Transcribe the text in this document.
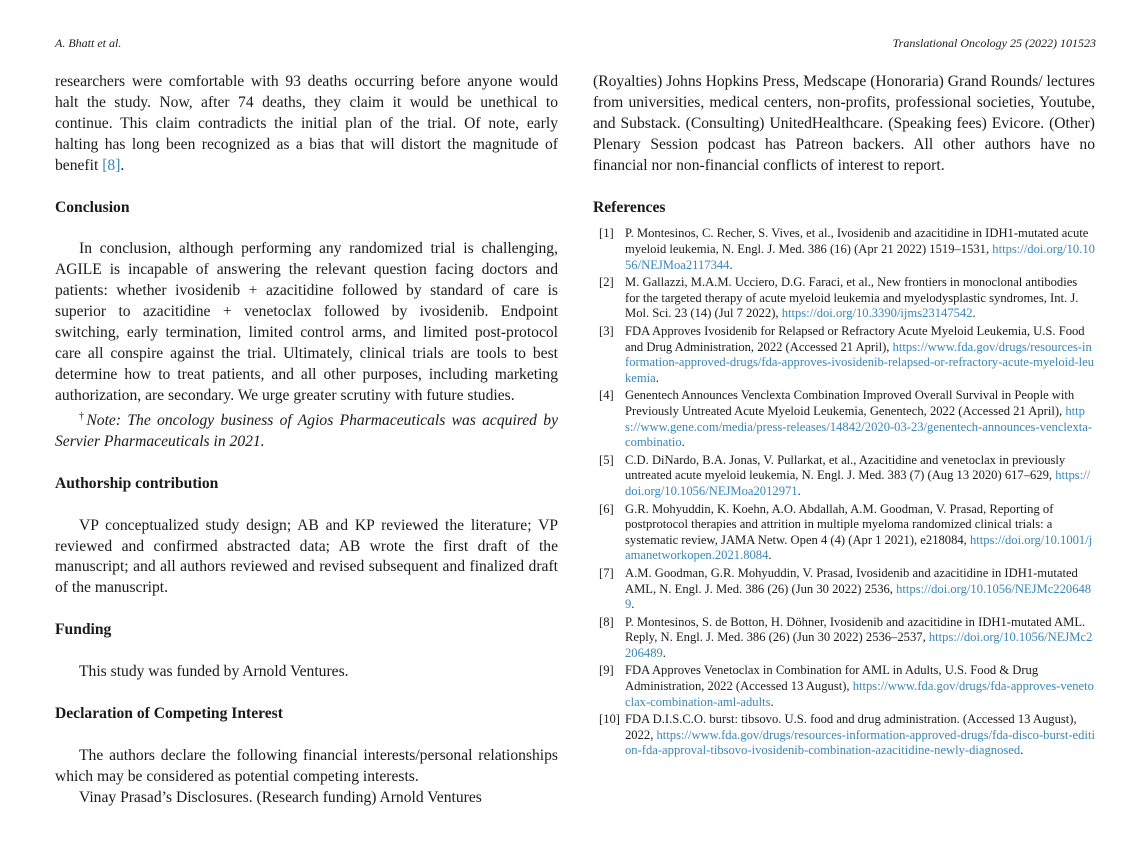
A. Bhatt et al.	Translational Oncology 25 (2022) 101523

researchers were comfortable with 93 deaths occurring before anyone would halt the study. Now, after 74 deaths, they claim it would be unethical to continue. This claim contradicts the initial plan of the trial. Of note, early halting has long been recognized as a bias that will distort the magnitude of benefit [8].

Conclusion

In conclusion, although performing any randomized trial is challenging, AGILE is incapable of answering the relevant question facing doctors and patients: whether ivosidenib + azacitidine followed by standard of care is superior to azacitidine + venetoclax followed by ivosidenib. Endpoint switching, early termination, limited control arms, and limited post-protocol care all conspire against the trial. Ultimately, clinical trials are tools to best determine how to treat patients, and all other purposes, including marketing authorization, are secondary. We urge greater scrutiny with future studies.

†Note: The oncology business of Agios Pharmaceuticals was acquired by Servier Pharmaceuticals in 2021.

Authorship contribution

VP conceptualized study design; AB and KP reviewed the literature; VP reviewed and confirmed abstracted data; AB wrote the first draft of the manuscript; and all authors reviewed and revised subsequent and finalized draft of the manuscript.

Funding

This study was funded by Arnold Ventures.

Declaration of Competing Interest

The authors declare the following financial interests/personal relationships which may be considered as potential competing interests.

Vinay Prasad’s Disclosures. (Research funding) Arnold Ventures

(Royalties) Johns Hopkins Press, Medscape (Honoraria) Grand Rounds/ lectures from universities, medical centers, non-profits, professional societies, Youtube, and Substack. (Consulting) UnitedHealthcare. (Speaking fees) Evicore. (Other) Plenary Session podcast has Patreon backers. All other authors have no financial nor non-financial conflicts of interest to report.

References
[1] P. Montesinos, C. Recher, S. Vives, et al., Ivosidenib and azacitidine in IDH1-mutated acute myeloid leukemia, N. Engl. J. Med. 386 (16) (Apr 21 2022) 1519–1531, https://doi.org/10.1056/NEJMoa2117344.
[2] M. Gallazzi, M.A.M. Ucciero, D.G. Faraci, et al., New frontiers in monoclonal antibodies for the targeted therapy of acute myeloid leukemia and myelodysplastic syndromes, Int. J. Mol. Sci. 23 (14) (Jul 7 2022), https://doi.org/10.3390/ijms23147542.
[3] FDA Approves Ivosidenib for Relapsed or Refractory Acute Myeloid Leukemia, U.S. Food and Drug Administration, 2022 (Accessed 21 April), https://www.fda.gov/drugs/resources-information-approved-drugs/fda-approves-ivosidenib-relapsed-or-refractory-acute-myeloid-leukemia.
[4] Genentech Announces Venclexta Combination Improved Overall Survival in People with Previously Untreated Acute Myeloid Leukemia, Genentech, 2022 (Accessed 21 April), https://www.gene.com/media/press-releases/14842/2020-03-23/genentech-announces-venclexta-combinatio.
[5] C.D. DiNardo, B.A. Jonas, V. Pullarkat, et al., Azacitidine and venetoclax in previously untreated acute myeloid leukemia, N. Engl. J. Med. 383 (7) (Aug 13 2020) 617–629, https://doi.org/10.1056/NEJMoa2012971.
[6] G.R. Mohyuddin, K. Koehn, A.O. Abdallah, A.M. Goodman, V. Prasad, Reporting of postprotocol therapies and attrition in multiple myeloma randomized clinical trials: a systematic review, JAMA Netw. Open 4 (4) (Apr 1 2021), e218084, https://doi.org/10.1001/jamanetworkopen.2021.8084.
[7] A.M. Goodman, G.R. Mohyuddin, V. Prasad, Ivosidenib and azacitidine in IDH1-mutated AML, N. Engl. J. Med. 386 (26) (Jun 30 2022) 2536, https://doi.org/10.1056/NEJMc2206489.
[8] P. Montesinos, S. de Botton, H. Döhner, Ivosidenib and azacitidine in IDH1-mutated AML. Reply, N. Engl. J. Med. 386 (26) (Jun 30 2022) 2536–2537, https://doi.org/10.1056/NEJMc2206489.
[9] FDA Approves Venetoclax in Combination for AML in Adults, U.S. Food & Drug Administration, 2022 (Accessed 13 August), https://www.fda.gov/drugs/fda-approves-venetoclax-combination-aml-adults.
[10] FDA D.I.S.C.O. burst: tibsovo. U.S. food and drug administration. (Accessed 13 August), 2022, https://www.fda.gov/drugs/resources-information-approved-drugs/fda-disco-burst-edition-fda-approval-tibsovo-ivosidenib-combination-azacitidine-newly-diagnosed.
